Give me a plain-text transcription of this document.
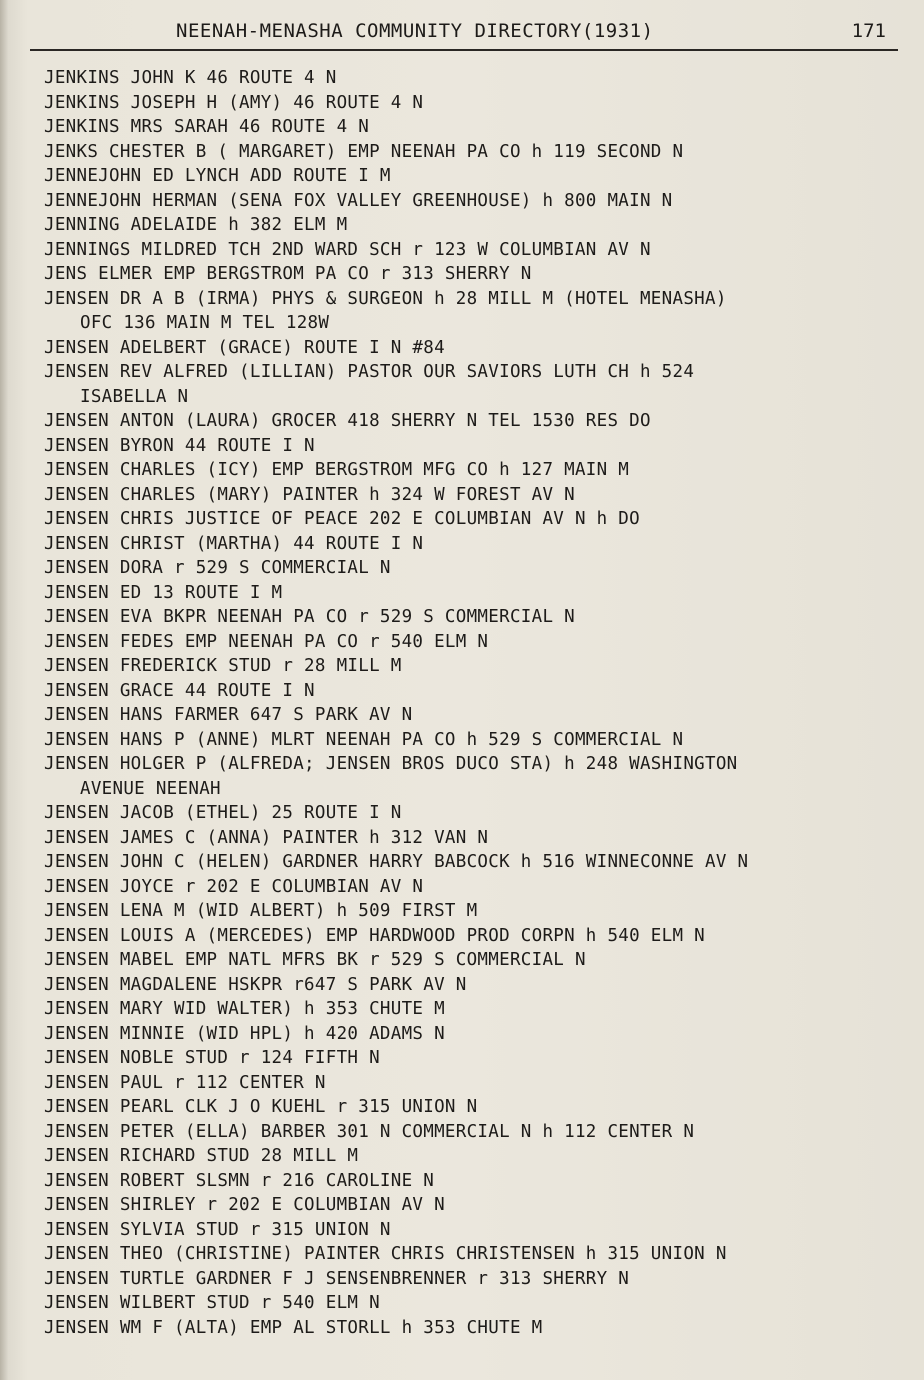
NEENAH-MENASHA COMMUNITY DIRECTORY(1931)	171
JENKINS JOHN K 46 ROUTE 4 N
JENKINS JOSEPH H (AMY) 46 ROUTE 4 N
JENKINS MRS SARAH 46 ROUTE 4 N
JENKS CHESTER B ( MARGARET) EMP NEENAH PA CO h 119 SECOND N
JENNEJOHN ED LYNCH ADD ROUTE I M
JENNEJOHN HERMAN (SENA FOX VALLEY GREENHOUSE) h 800 MAIN N
JENNING ADELAIDE h 382 ELM M
JENNINGS MILDRED TCH 2ND WARD SCH r 123 W COLUMBIAN AV N
JENS ELMER EMP BERGSTROM PA CO r 313 SHERRY N
JENSEN DR A B (IRMA) PHYS & SURGEON h 28 MILL M (HOTEL MENASHA)
OFC 136 MAIN M TEL 128W
JENSEN ADELBERT (GRACE) ROUTE I N #84
JENSEN REV ALFRED (LILLIAN) PASTOR OUR SAVIORS LUTH CH h 524
ISABELLA N
JENSEN ANTON (LAURA) GROCER 418 SHERRY N TEL 1530 RES DO
JENSEN BYRON 44 ROUTE I N
JENSEN CHARLES (ICY) EMP BERGSTROM MFG CO h 127 MAIN M
JENSEN CHARLES (MARY) PAINTER h 324 W FOREST AV N
JENSEN CHRIS JUSTICE OF PEACE 202 E COLUMBIAN AV N h DO
JENSEN CHRIST (MARTHA) 44 ROUTE I N
JENSEN DORA r 529 S COMMERCIAL N
JENSEN ED 13 ROUTE I M
JENSEN EVA BKPR NEENAH PA CO r 529 S COMMERCIAL N
JENSEN FEDES EMP NEENAH PA CO r 540 ELM N
JENSEN FREDERICK STUD r 28 MILL M
JENSEN GRACE 44 ROUTE I N
JENSEN HANS FARMER 647 S PARK AV N
JENSEN HANS P (ANNE) MLRT NEENAH PA CO h 529 S COMMERCIAL N
JENSEN HOLGER P (ALFREDA; JENSEN BROS DUCO STA) h 248 WASHINGTON
AVENUE NEENAH
JENSEN JACOB (ETHEL) 25 ROUTE I N
JENSEN JAMES C (ANNA) PAINTER h 312 VAN N
JENSEN JOHN C (HELEN) GARDNER HARRY BABCOCK h 516 WINNECONNE AV N
JENSEN JOYCE r 202 E COLUMBIAN AV N
JENSEN LENA M (WID ALBERT) h 509 FIRST M
JENSEN LOUIS A (MERCEDES) EMP HARDWOOD PROD CORPN h 540 ELM N
JENSEN MABEL EMP NATL MFRS BK r 529 S COMMERCIAL N
JENSEN MAGDALENE HSKPR r647 S PARK AV N
JENSEN MARY WID WALTER) h 353 CHUTE M
JENSEN MINNIE (WID HPL) h 420 ADAMS N
JENSEN NOBLE STUD r 124 FIFTH N
JENSEN PAUL r 112 CENTER N
JENSEN PEARL CLK J O KUEHL r 315 UNION N
JENSEN PETER (ELLA) BARBER 301 N COMMERCIAL N h 112 CENTER N
JENSEN RICHARD STUD 28 MILL M
JENSEN ROBERT SLSMN r 216 CAROLINE N
JENSEN SHIRLEY r 202 E COLUMBIAN AV N
JENSEN SYLVIA STUD r 315 UNION N
JENSEN THEO (CHRISTINE) PAINTER CHRIS CHRISTENSEN h 315 UNION N
JENSEN TURTLE GARDNER F J SENSENBRENNER r 313 SHERRY N
JENSEN WILBERT STUD r 540 ELM N
JENSEN WM F (ALTA) EMP AL STORLL h 353 CHUTE M
